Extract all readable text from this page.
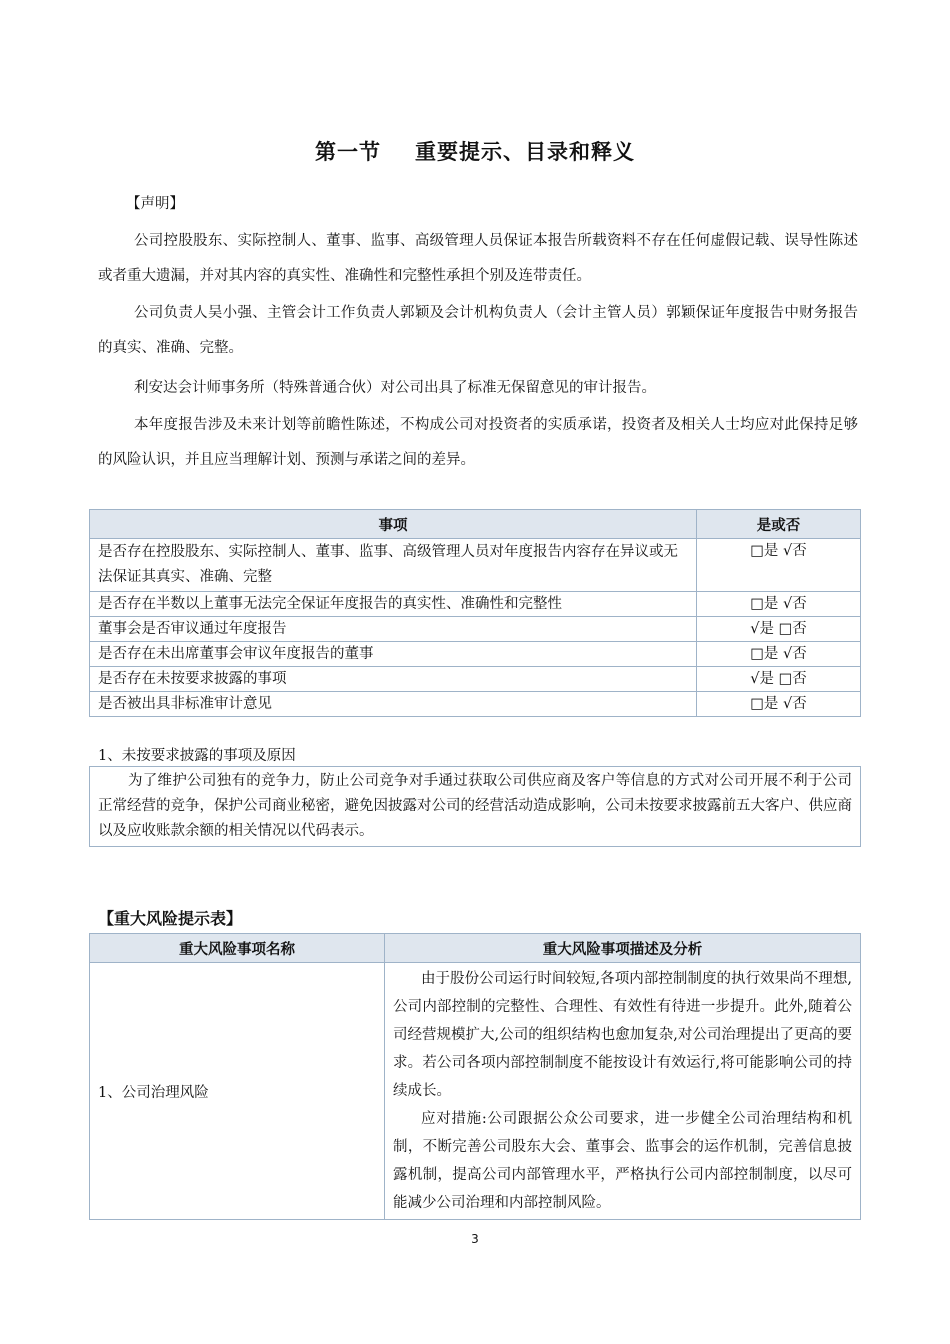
第一节 重要提示、目录和释义
【声明】

公司控股股东、实际控制人、董事、监事、高级管理人员保证本报告所载资料不存在任何虚假记载、误导性陈述或者重大遗漏，并对其内容的真实性、准确性和完整性承担个别及连带责任。

公司负责人吴小强、主管会计工作负责人郭颖及会计机构负责人（会计主管人员）郭颖保证年度报告中财务报告的真实、准确、完整。

利安达会计师事务所（特殊普通合伙）对公司出具了标准无保留意见的审计报告。

本年度报告涉及未来计划等前瞻性陈述，不构成公司对投资者的实质承诺，投资者及相关人士均应对此保持足够的风险认识，并且应当理解计划、预测与承诺之间的差异。

事项	是或否
是否存在控股股东、实际控制人、董事、监事、高级管理人员对年度报告内容存在异议或无法保证其真实、准确、完整	□是 √否
是否存在半数以上董事无法完全保证年度报告的真实性、准确性和完整性	□是 √否
董事会是否审议通过年度报告	√是 □否
是否存在未出席董事会审议年度报告的董事	□是 √否
是否存在未按要求披露的事项	√是 □否
是否被出具非标准审计意见	□是 √否
1、未按要求披露的事项及原因
为了维护公司独有的竞争力，防止公司竞争对手通过获取公司供应商及客户等信息的方式对公司开展不利于公司正常经营的竞争，保护公司商业秘密，避免因披露对公司的经营活动造成影响，公司未按要求披露前五大客户、供应商以及应收账款余额的相关情况以代码表示。
【重大风险提示表】
重大风险事项名称	重大风险事项描述及分析
1、公司治理风险	由于股份公司运行时间较短,各项内部控制制度的执行效果尚不理想,公司内部控制的完整性、合理性、有效性有待进一步提升。此外,随着公司经营规模扩大,公司的组织结构也愈加复杂,对公司治理提出了更高的要求。若公司各项内部控制制度不能按设计有效运行,将可能影响公司的持续成长。

应对措施:公司跟据公众公司要求，进一步健全公司治理结构和机制，不断完善公司股东大会、董事会、监事会的运作机制，完善信息披露机制，提高公司内部管理水平，严格执行公司内部控制制度，以尽可能减少公司治理和内部控制风险。

3
